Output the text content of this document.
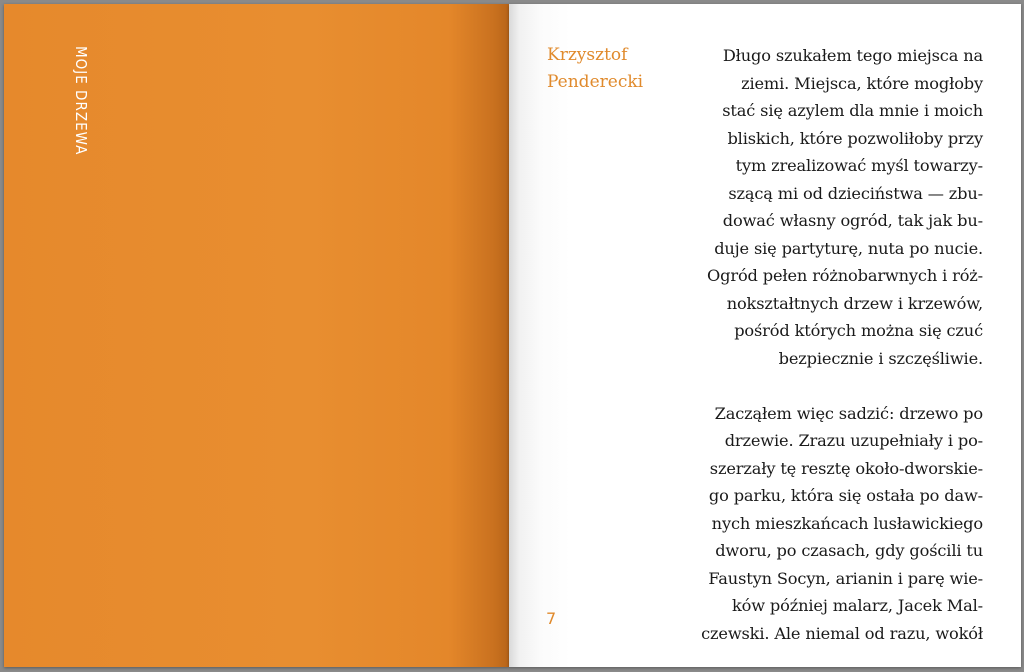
MOJE DRZEWA	Krzysztof
Penderecki

Długo szukałem tego miejsca na
ziemi. Miejsca, które mogłoby
stać się azylem dla mnie i moich
bliskich, które pozwoliłoby przy
tym zrealizować myśl towarzy-
szącą mi od dzieciństwa — zbu-
dować własny ogród, tak jak bu-
duje się partyturę, nuta po nucie.
Ogród pełen różnobarwnych i róż-
nokształtnych drzew i krzewów,
pośród których można się czuć
bezpiecznie i szczęśliwie.

Zacząłem więc sadzić: drzewo po
drzewie. Zrazu uzupełniały i po-
szerzały tę resztę około-dworskie-
go parku, która się ostała po daw-
nych mieszkańcach lusławickiego
dworu, po czasach, gdy gościli tu
Faustyn Socyn, arianin i parę wie-
ków później malarz, Jacek Mal-
czewski. Ale niemal od razu, wokół

7
